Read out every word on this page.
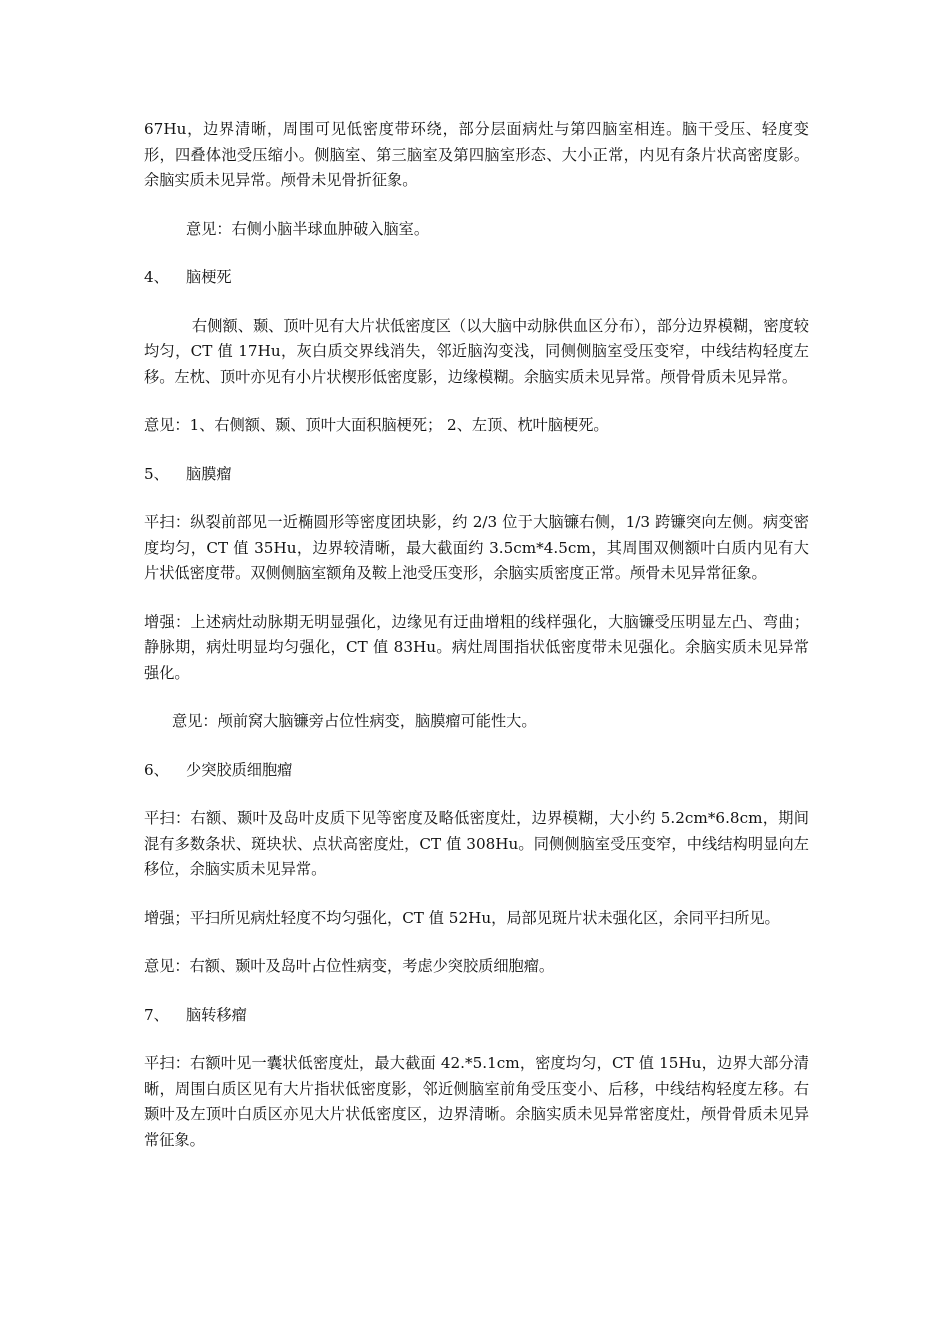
67Hu，边界清晰，周围可见低密度带环绕，部分层面病灶与第四脑室相连。脑干受压、轻度变形，四叠体池受压缩小。侧脑室、第三脑室及第四脑室形态、大小正常，内见有条片状高密度影。余脑实质未见异常。颅骨未见骨折征象。

意见：右侧小脑半球血肿破入脑室。

4、	脑梗死

右侧额、颞、顶叶见有大片状低密度区（以大脑中动脉供血区分布），部分边界模糊，密度较均匀，CT 值 17Hu，灰白质交界线消失，邻近脑沟变浅，同侧侧脑室受压变窄，中线结构轻度左移。左枕、顶叶亦见有小片状楔形低密度影，边缘模糊。余脑实质未见异常。颅骨骨质未见异常。

意见：1、右侧额、颞、顶叶大面积脑梗死； 2、左顶、枕叶脑梗死。

5、	脑膜瘤

平扫：纵裂前部见一近椭圆形等密度团块影，约 2/3 位于大脑镰右侧，1/3 跨镰突向左侧。病变密度均匀，CT 值 35Hu，边界较清晰，最大截面约 3.5cm*4.5cm，其周围双侧额叶白质内见有大片状低密度带。双侧侧脑室额角及鞍上池受压变形，余脑实质密度正常。颅骨未见异常征象。

增强：上述病灶动脉期无明显强化，边缘见有迂曲增粗的线样强化，大脑镰受压明显左凸、弯曲；静脉期，病灶明显均匀强化，CT 值 83Hu。病灶周围指状低密度带未见强化。余脑实质未见异常强化。

意见：颅前窝大脑镰旁占位性病变，脑膜瘤可能性大。

6、	少突胶质细胞瘤

平扫：右额、颞叶及岛叶皮质下见等密度及略低密度灶，边界模糊，大小约 5.2cm*6.8cm，期间混有多数条状、斑块状、点状高密度灶，CT 值 308Hu。同侧侧脑室受压变窄，中线结构明显向左移位，余脑实质未见异常。

增强；平扫所见病灶轻度不均匀强化，CT 值 52Hu，局部见斑片状未强化区，余同平扫所见。

意见：右额、颞叶及岛叶占位性病变，考虑少突胶质细胞瘤。

7、	脑转移瘤

平扫：右额叶见一囊状低密度灶，最大截面 42.*5.1cm，密度均匀，CT 值 15Hu，边界大部分清晰，周围白质区见有大片指状低密度影，邻近侧脑室前角受压变小、后移，中线结构轻度左移。右颞叶及左顶叶白质区亦见大片状低密度区，边界清晰。余脑实质未见异常密度灶，颅骨骨质未见异常征象。
